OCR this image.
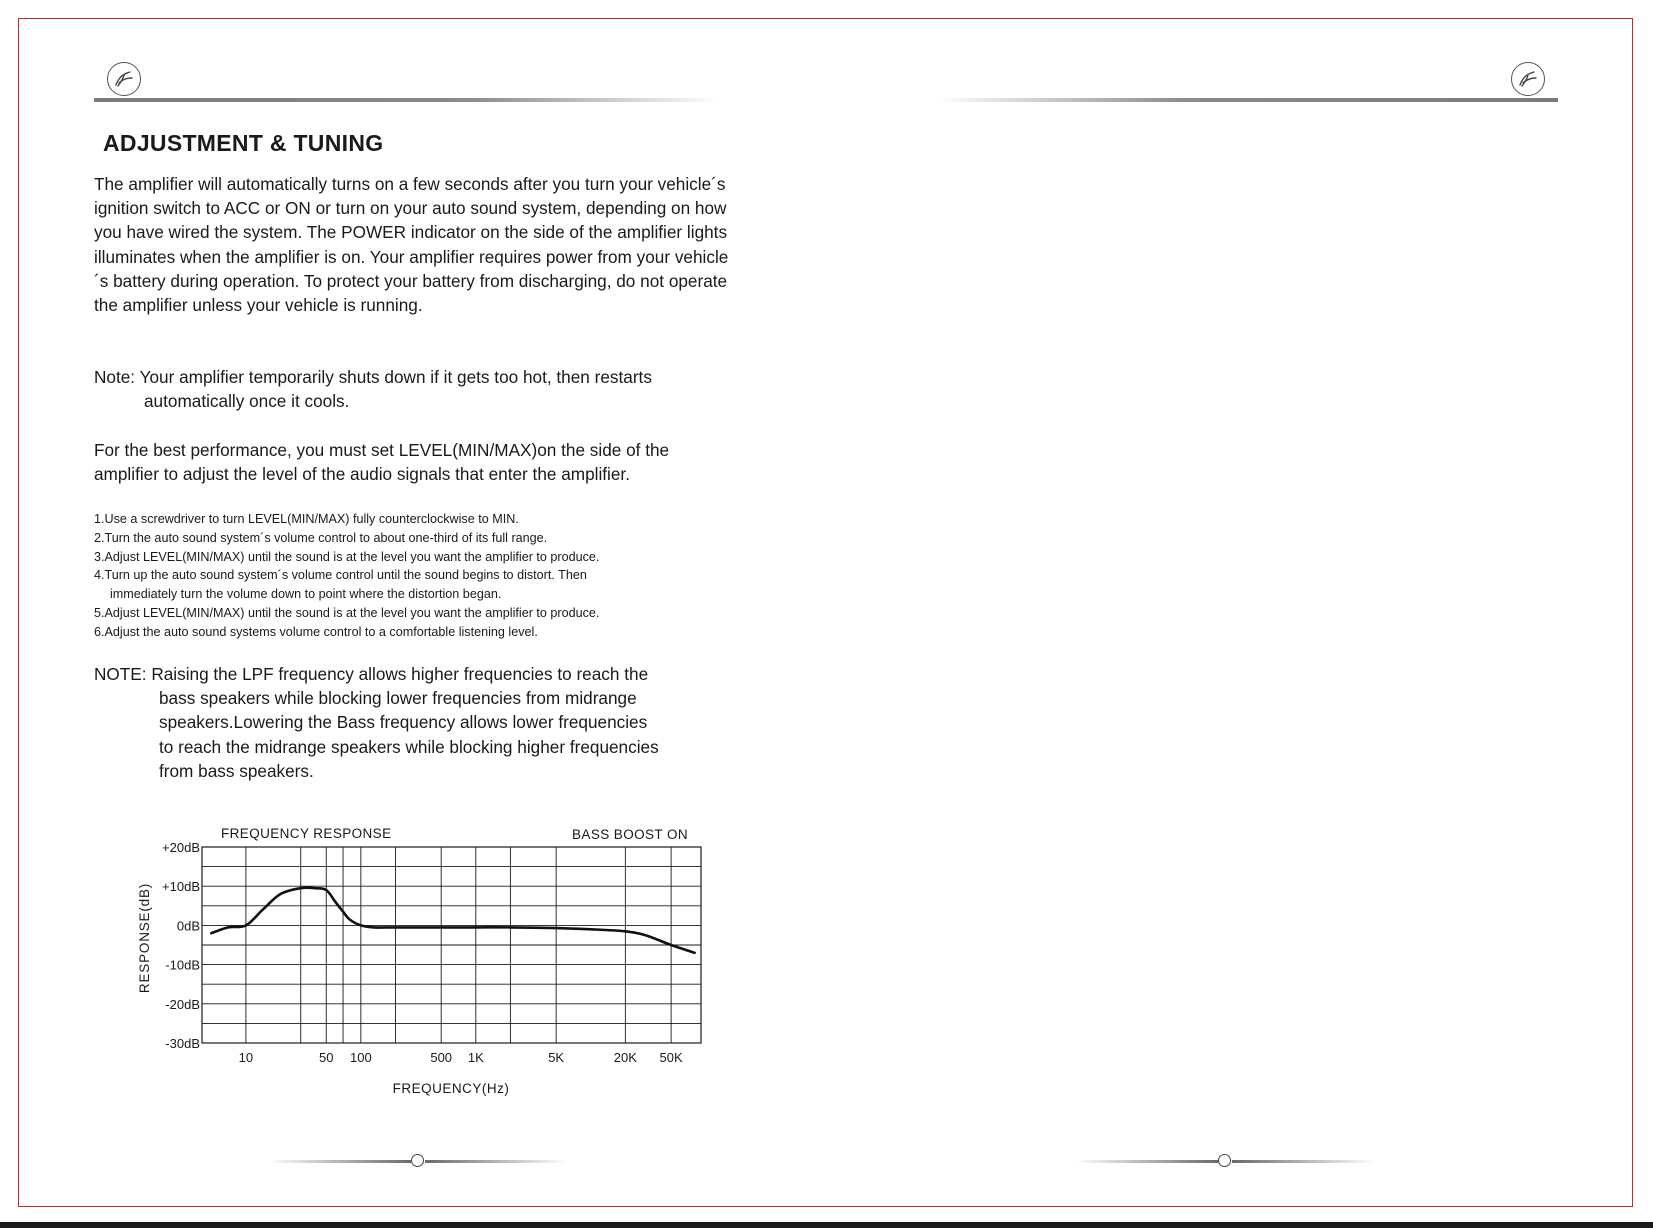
ADJUSTMENT & TUNING

The amplifier will automatically turns on a few seconds after you turn your vehicle´s ignition switch to ACC or ON or turn on your auto sound system, depending on how you have wired the system. The POWER indicator on the side of the amplifier lights illuminates when the amplifier is on. Your amplifier requires power from your vehicle´s battery during operation. To protect your battery from discharging, do not operate the amplifier unless your vehicle is running.

Note: Your amplifier temporarily shuts down if it gets too hot, then restarts
automatically once it cools.

For the best performance, you must set LEVEL(MIN/MAX)on the side of the amplifier to adjust the level of the audio signals that enter the amplifier.

1.Use a screwdriver to turn LEVEL(MIN/MAX) fully counterclockwise to MIN.
2.Turn the auto sound system´s volume control to about one-third of its full range.
3.Adjust LEVEL(MIN/MAX) until the sound is at the level you want the amplifier to produce.
4.Turn up the auto sound system´s volume control until the sound begins to distort. Then
immediately turn the volume down to point where the distortion began.
5.Adjust LEVEL(MIN/MAX) until the sound is at the level you want the amplifier to produce.
6.Adjust the auto sound systems volume control to a comfortable listening level.
NOTE: Raising the LPF frequency allows higher frequencies to reach the
bass speakers while blocking lower frequencies from midrange
speakers.Lowering the Bass frequency allows lower frequencies
to reach the midrange speakers while blocking higher frequencies
from bass speakers.
+20dB
+10dB
0dB
-10dB
-20dB
-30dB
10	50 100	500 1K	5K	20K 50K
FREQUENCY RESPONSE	BASS BOOST ON
FREQUENCY(Hz)
RESPONSE(dB)
